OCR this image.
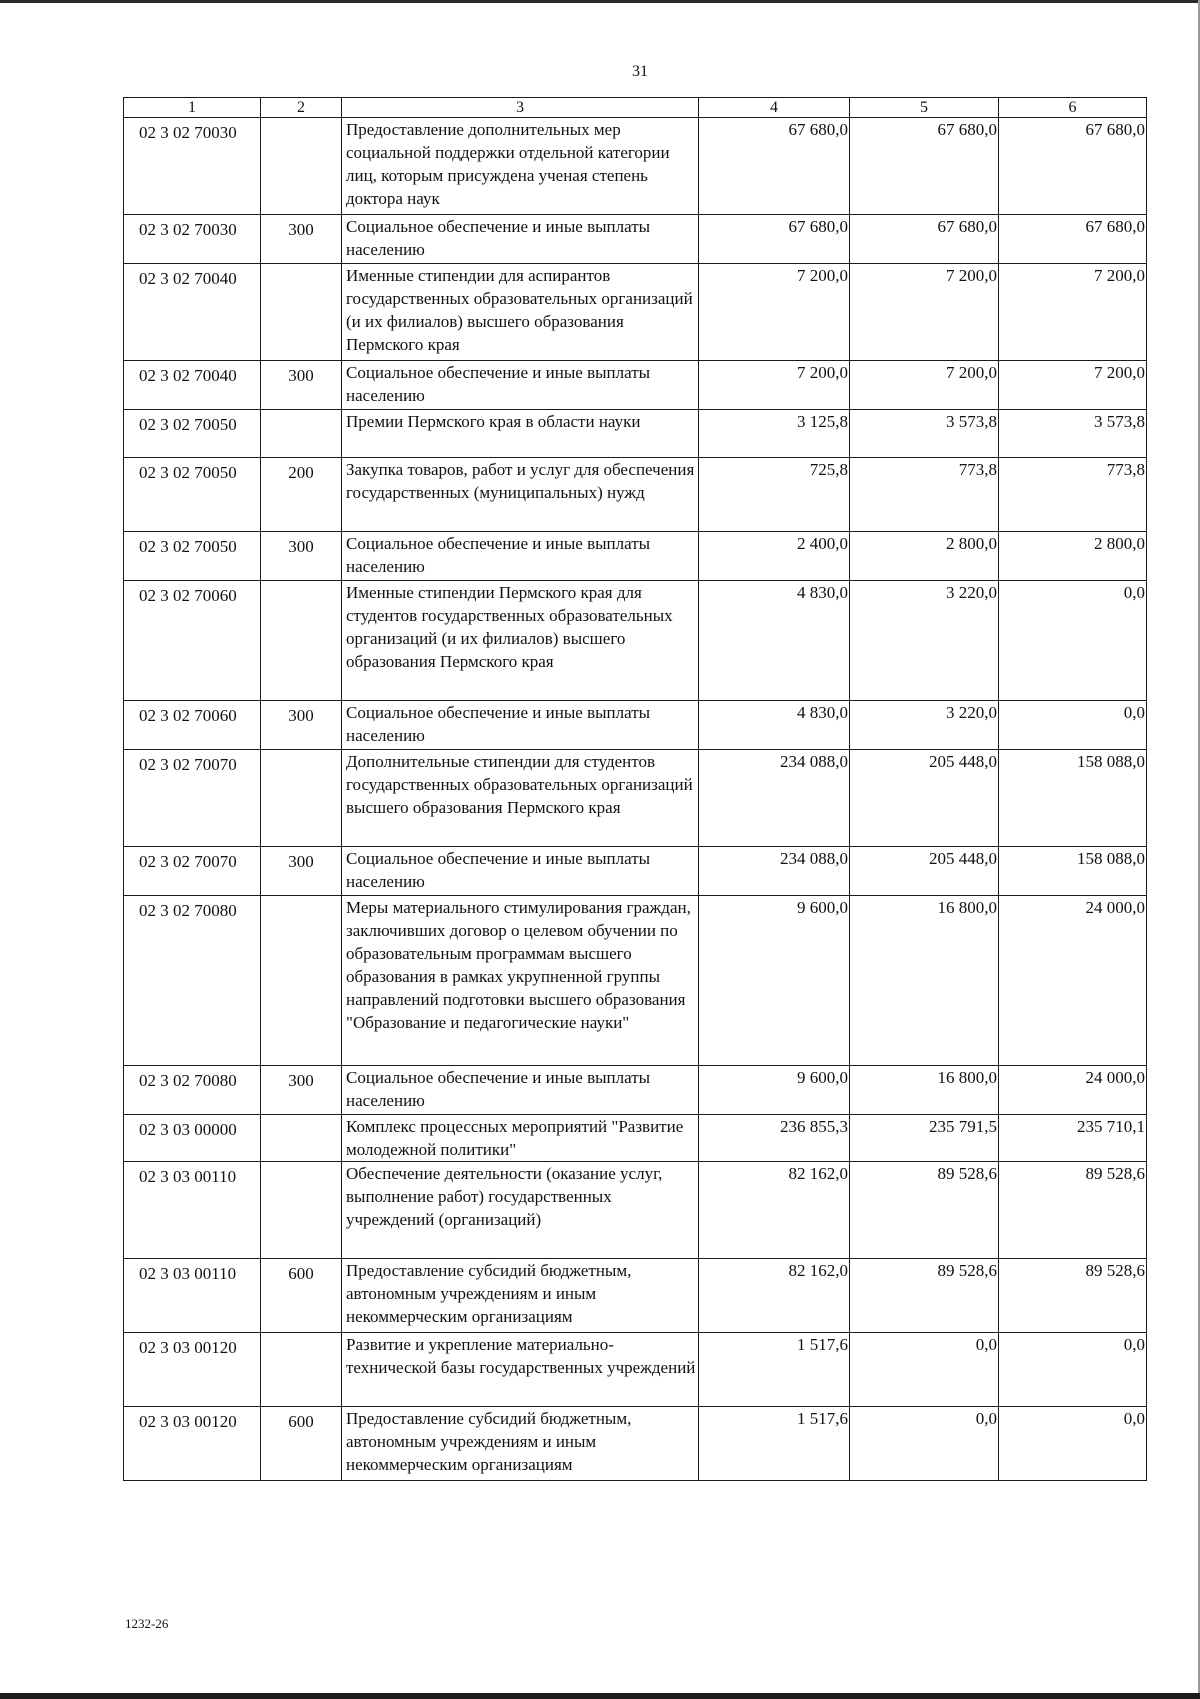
31
1	2	3	4	5	6
02 3 02 70030		Предоставление дополнительных мер социальной поддержки отдельной категории лиц, которым присуждена ученая степень доктора наук	67 680,0	67 680,0	67 680,0
02 3 02 70030	300	Социальное обеспечение и иные выплаты населению	67 680,0	67 680,0	67 680,0
02 3 02 70040		Именные стипендии для аспирантов государственных образовательных организаций (и их филиалов) высшего образования Пермского края	7 200,0	7 200,0	7 200,0
02 3 02 70040	300	Социальное обеспечение и иные выплаты населению	7 200,0	7 200,0	7 200,0
02 3 02 70050		Премии Пермского края в области науки	3 125,8	3 573,8	3 573,8
02 3 02 70050	200	Закупка товаров, работ и услуг для обеспечения государственных (муниципальных) нужд	725,8	773,8	773,8
02 3 02 70050	300	Социальное обеспечение и иные выплаты населению	2 400,0	2 800,0	2 800,0
02 3 02 70060		Именные стипендии Пермского края для студентов государственных образовательных организаций (и их филиалов) высшего образования Пермского края	4 830,0	3 220,0	0,0
02 3 02 70060	300	Социальное обеспечение и иные выплаты населению	4 830,0	3 220,0	0,0
02 3 02 70070		Дополнительные стипендии для студентов государственных образовательных организаций высшего образования Пермского края	234 088,0	205 448,0	158 088,0
02 3 02 70070	300	Социальное обеспечение и иные выплаты населению	234 088,0	205 448,0	158 088,0
02 3 02 70080		Меры материального стимулирования граждан, заключивших договор о целевом обучении по образовательным программам высшего образования в рамках укрупненной группы направлений подготовки высшего образования "Образование и педагогические науки"	9 600,0	16 800,0	24 000,0
02 3 02 70080	300	Социальное обеспечение и иные выплаты населению	9 600,0	16 800,0	24 000,0
02 3 03 00000		Комплекс процессных мероприятий "Развитие молодежной политики"	236 855,3	235 791,5	235 710,1
02 3 03 00110		Обеспечение деятельности (оказание услуг, выполнение работ) государственных учреждений (организаций)	82 162,0	89 528,6	89 528,6
02 3 03 00110	600	Предоставление субсидий бюджетным, автономным учреждениям и иным некоммерческим организациям	82 162,0	89 528,6	89 528,6
02 3 03 00120		Развитие и укрепление материально-технической базы государственных учреждений	1 517,6	0,0	0,0
02 3 03 00120	600	Предоставление субсидий бюджетным, автономным учреждениям и иным некоммерческим организациям	1 517,6	0,0	0,0
1232-26
